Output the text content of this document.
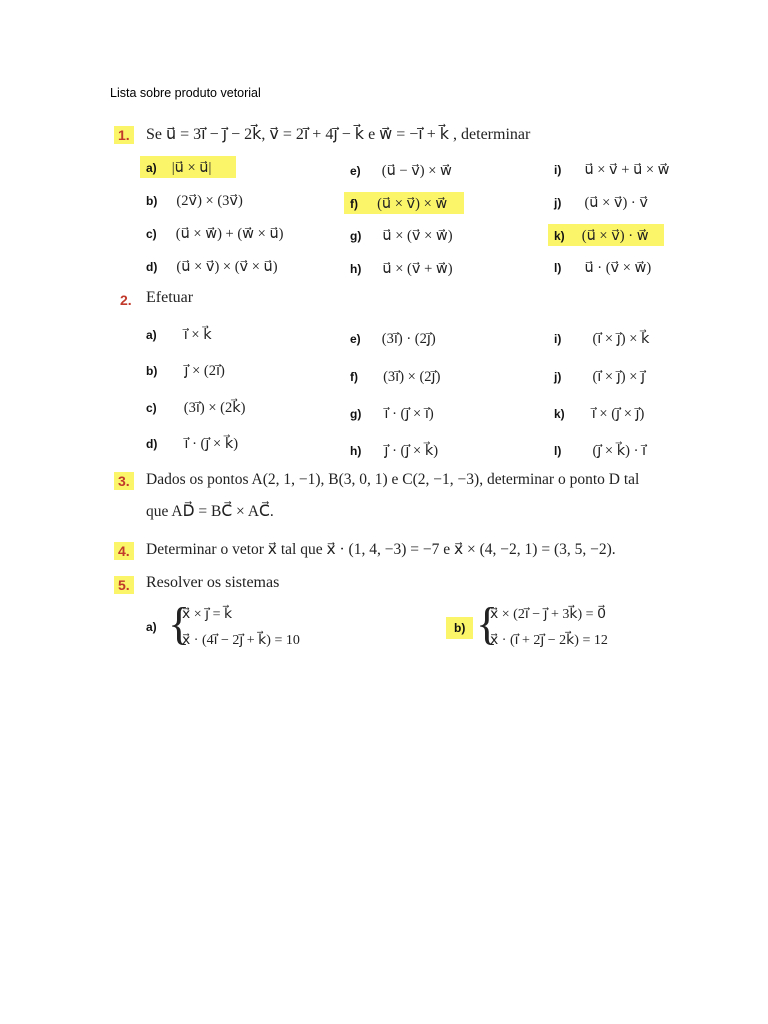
Lista sobre produto vetorial
1. Se u⃗ = 3i⃗ − j⃗ − 2k⃗, v⃗ = 2i⃗ + 4j⃗ − k⃗ e w⃗ = −i⃗ + k⃗ , determinar
a) |u⃗ × u⃗|
b) (2v⃗) × (3v⃗)
c) (u⃗ × w⃗) + (w⃗ × u⃗)
d) (u⃗ × v⃗) × (v⃗ × u⃗)
e) (u⃗ − v⃗) × w⃗
f) (u⃗ × v⃗) × w⃗
g) u⃗ × (v⃗ × w⃗)
h) u⃗ × (v⃗ + w⃗)
i) u⃗ × v⃗ + u⃗ × w⃗
j) (u⃗ × v⃗) · v⃗
k) (u⃗ × v⃗) · w⃗
l) u⃗ · (v⃗ × w⃗)
2. Efetuar
a) i⃗ × k⃗
b) j⃗ × (2i⃗)
c) (3i⃗) × (2k⃗)
d) i⃗ · (j⃗ × k⃗)
e) (3i⃗) · (2j⃗)
f) (3i⃗) × (2j⃗)
g) i⃗ · (j⃗ × i⃗)
h) j⃗ · (j⃗ × k⃗)
i) (i⃗ × j⃗) × k⃗
j) (i⃗ × j⃗) × j⃗
k) i⃗ × (j⃗ × j⃗)
l) (j⃗ × k⃗) · i⃗
3. Dados os pontos A(2, 1, −1), B(3, 0, 1) e C(2, −1, −3), determinar o ponto D tal
que AD⃗ = BC⃗ × AC⃗.
4. Determinar o vetor x⃗ tal que x⃗ · (1, 4, −3) = −7 e x⃗ × (4, −2, 1) = (3, 5, −2).
5. Resolver os sistemas
a) {
x⃗ × j⃗ = k⃗
x⃗ · (4i⃗ − 2j⃗ + k⃗) = 10
b) {
x⃗ × (2i⃗ − j⃗ + 3k⃗) = 0⃗
x⃗ · (i⃗ + 2j⃗ − 2k⃗) = 12
